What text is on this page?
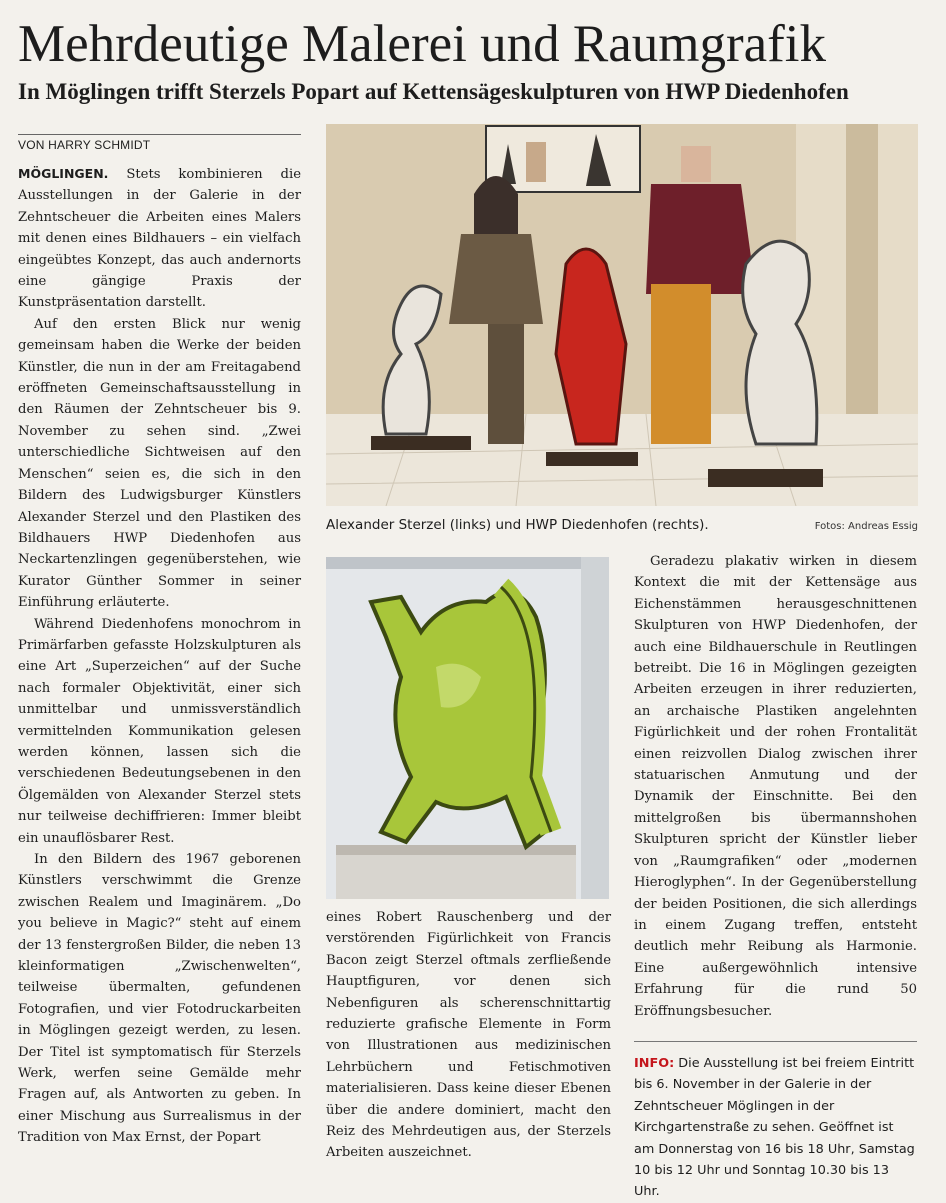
Mehrdeutige Malerei und Raumgrafik
In Möglingen trifft Sterzels Popart auf Kettensägeskulpturen von HWP Diedenhofen
VON HARRY SCHMIDT

MÖGLINGEN. Stets kombinieren die Ausstellungen in der Galerie in der Zehntscheuer die Arbeiten eines Malers mit denen eines Bildhauers – ein vielfach eingeübtes Konzept, das auch andernorts eine gängige Praxis der Kunstpräsentation darstellt.

Auf den ersten Blick nur wenig gemeinsam haben die Werke der beiden Künstler, die nun in der am Freitagabend eröffneten Gemeinschaftsausstellung in den Räumen der Zehntscheuer bis 9. November zu sehen sind. „Zwei unterschiedliche Sichtweisen auf den Menschen“ seien es, die sich in den Bildern des Ludwigsburger Künstlers Alexander Sterzel und den Plastiken des Bildhauers HWP Diedenhofen aus Neckartenzlingen gegenüberstehen, wie Kurator Günther Sommer in seiner Einführung erläuterte.

Während Diedenhofens monochrom in Primärfarben gefasste Holzskulpturen als eine Art „Superzeichen“ auf der Suche nach formaler Objektivität, einer sich unmittelbar und unmissverständlich vermittelnden Kommunikation gelesen werden können, lassen sich die verschiedenen Bedeutungsebenen in den Ölgemälden von Alexander Sterzel stets nur teilweise dechiffrieren: Immer bleibt ein unauflösbarer Rest.

In den Bildern des 1967 geborenen Künstlers verschwimmt die Grenze zwischen Realem und Imaginärem. „Do you believe in Magic?“ steht auf einem der 13 fenstergroßen Bilder, die neben 13 kleinformatigen „Zwischenwelten“, teilweise übermalten, gefundenen Fotografien, und vier Fotodruckarbeiten in Möglingen gezeigt werden, zu lesen. Der Titel ist symptomatisch für Sterzels Werk, werfen seine Gemälde mehr Fragen auf, als Antworten zu geben. In einer Mischung aus Surrealismus in der Tradition von Max Ernst, der Popart

Alexander Sterzel (links) und HWP Diedenhofen (rechts).	Fotos: Andreas Essig

eines Robert Rauschenberg und der verstörenden Figürlichkeit von Francis Bacon zeigt Sterzel oftmals zerfließende Hauptfiguren, vor denen sich Nebenfiguren als scherenschnittartig reduzierte grafische Elemente in Form von Illustrationen aus medizinischen Lehrbüchern und Fetischmotiven materialisieren. Dass keine dieser Ebenen über die andere dominiert, macht den Reiz des Mehrdeutigen aus, der Sterzels Arbeiten auszeichnet.

Geradezu plakativ wirken in diesem Kontext die mit der Kettensäge aus Eichenstämmen herausgeschnittenen Skulpturen von HWP Diedenhofen, der auch eine Bildhauerschule in Reutlingen betreibt. Die 16 in Möglingen gezeigten Arbeiten erzeugen in ihrer reduzierten, an archaische Plastiken angelehnten Figürlichkeit und der rohen Frontalität einen reizvollen Dialog zwischen ihrer statuarischen Anmutung und der Dynamik der Einschnitte. Bei den mittelgroßen bis übermannshohen Skulpturen spricht der Künstler lieber von „Raumgrafiken“ oder „modernen Hieroglyphen“. In der Gegenüberstellung der beiden Positionen, die sich allerdings in einem Zugang treffen, entsteht deutlich mehr Reibung als Harmonie. Eine außergewöhnlich intensive Erfahrung für die rund 50 Eröffnungsbesucher.

INFO: Die Ausstellung ist bei freiem Eintritt bis 6. November in der Galerie in der Zehntscheuer Möglingen in der Kirchgartenstraße zu sehen. Geöffnet ist am Donnerstag von 16 bis 18 Uhr, Samstag 10 bis 12 Uhr und Sonntag 10.30 bis 13 Uhr.
